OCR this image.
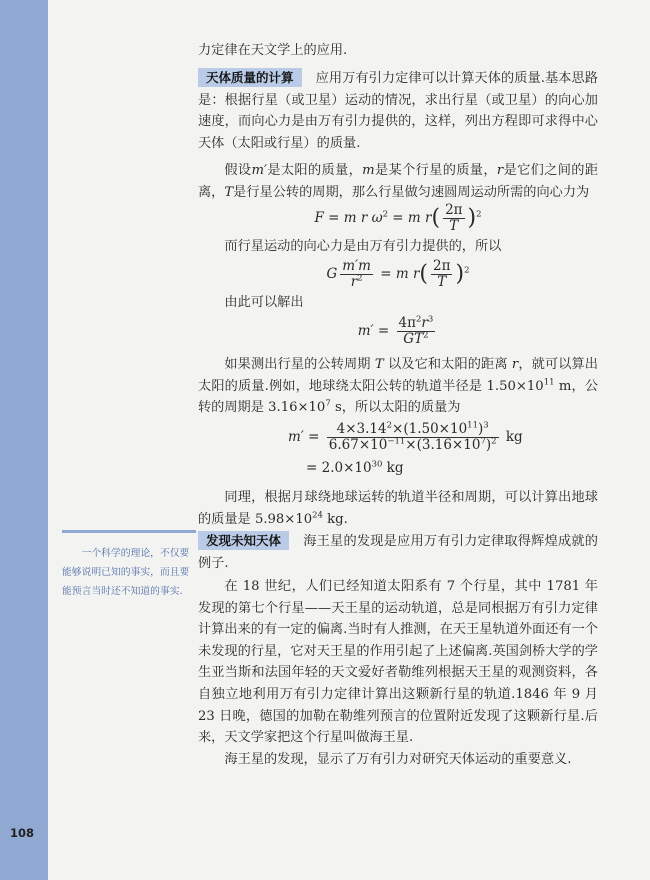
力定律在天文学上的应用.
天体质量的计算 应用万有引力定律可以计算天体的质量.基本思路是：根据行星（或卫星）运动的情况，求出行星（或卫星）的向心加速度，而向心力是由万有引力提供的，这样，列出方程即可求得中心天体（太阳或行星）的质量.
假设m′是太阳的质量，m是某个行星的质量，r是它们之间的距离，T是行星公转的周期，那么行星做匀速圆周运动所需的向心力为
F = m r $\omega^2 = m$ $r( \frac{2\pi}{T} )^2$
而行星运动的向心力是由万有引力提供的，所以
G $\frac{m'm}{r^2} = m$ $r( \frac{2\pi}{T} )^2$
由此可以解出
$m' = \frac{4\pi^2r^3}{GT^2}$
如果测出行星的公转周期 T 以及它和太阳的距离 r，就可以算出太阳的质量.例如，地球绕太阳公转的轨道半径是 $1.50\times 10^{11}$ m，公转的周期是 $3.16\times 10^7$ s，所以太阳的质量为
$m' = \frac{4\times 3.14^2\times(1.50\times 10^{11})^3}{6.67\times 10^{-11}\times(3.16\times 10^7)^2}$ kg
= $2.0\times 10^{30}$ kg
同理，根据月球绕地球运转的轨道半径和周期，可以计算出地球的质量是 $5.98\times 10^{24}$ kg.
一个科学的理论，不仅要能够说明已知的事实，而且要能预言当时还不知道的事实.
发现未知天体 海王星的发现是应用万有引力定律取得辉煌成就的例子.
在 18 世纪，人们已经知道太阳系有 7 个行星，其中 1781 年发现的第七个行星——天王星的运动轨道，总是同根据万有引力定律计算出来的有一定的偏离.当时有人推测，在天王星轨道外面还有一个未发现的行星，它对天王星的作用引起了上述偏离.英国剑桥大学的学生亚当斯和法国年轻的天文爱好者勒维列根据天王星的观测资料，各自独立地利用万有引力定律计算出这颗新行星的轨道.1846 年 9 月 23 日晚，德国的加勒在勒维列预言的位置附近发现了这颗新行星.后来，天文学家把这个行星叫做海王星.
海王星的发现，显示了万有引力对研究天体运动的重要意义.
108
